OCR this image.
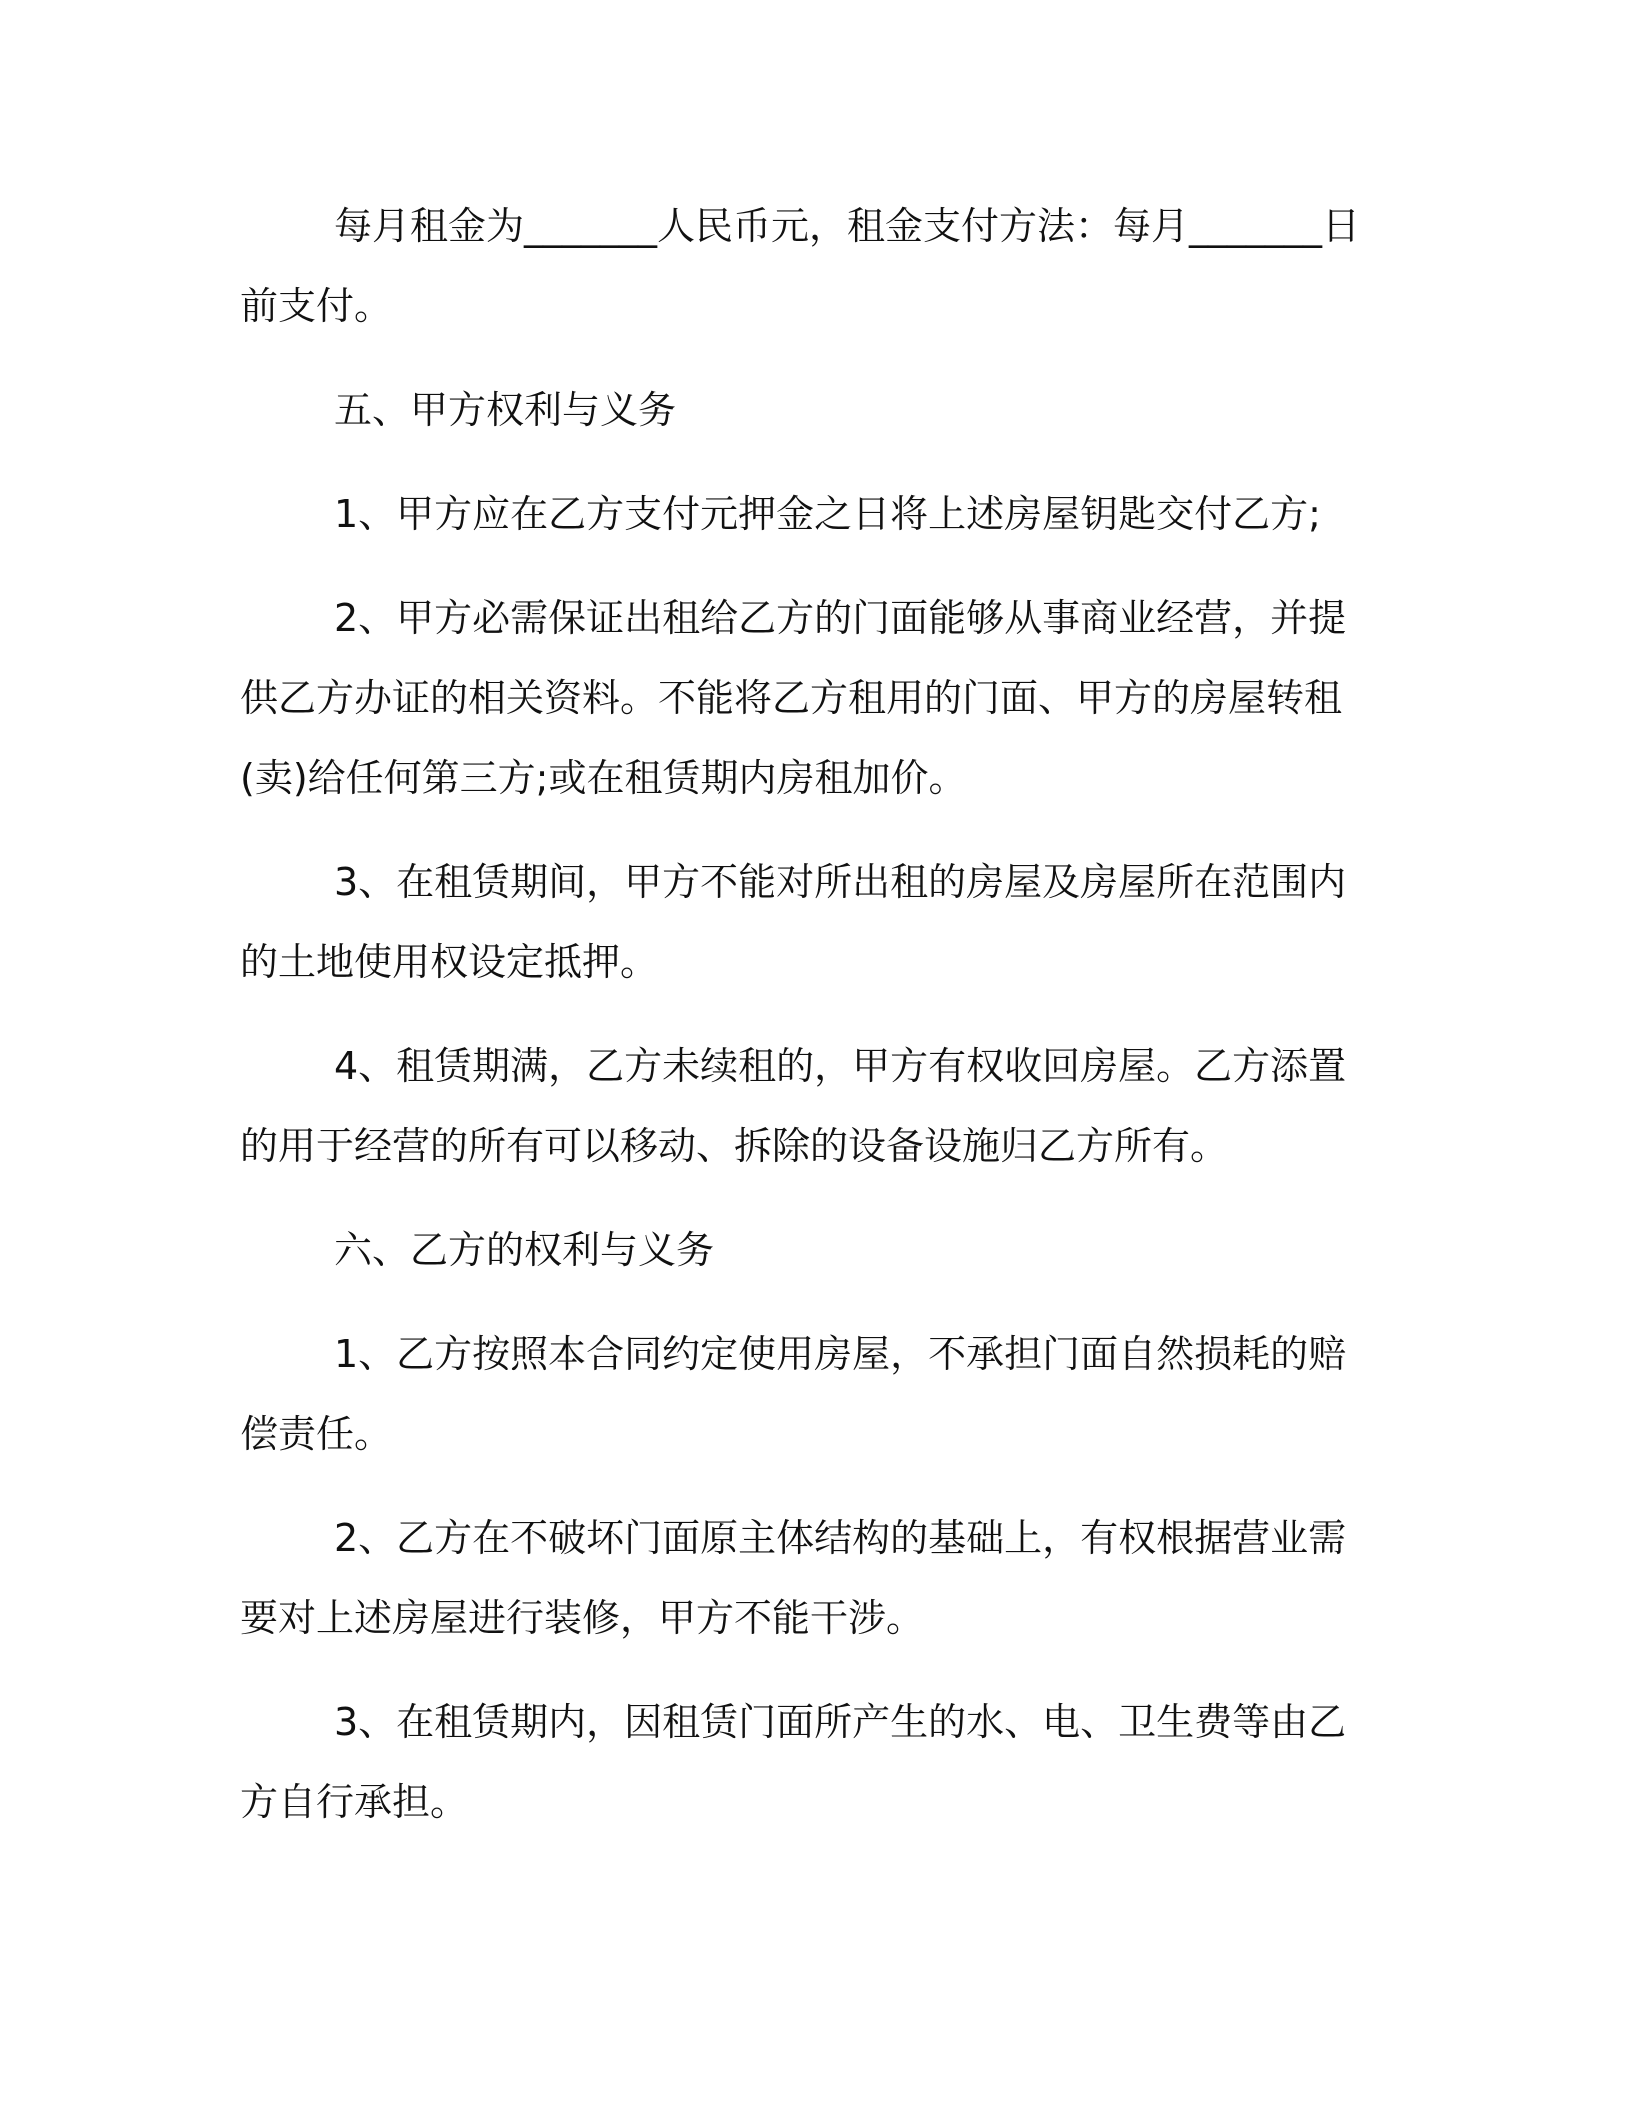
每月租金为_______人民币元，租金支付方法：每月_______日前支付。

五、甲方权利与义务

1、甲方应在乙方支付元押金之日将上述房屋钥匙交付乙方;

2、甲方必需保证出租给乙方的门面能够从事商业经营，并提供乙方办证的相关资料。不能将乙方租用的门面、甲方的房屋转租(卖)给任何第三方;或在租赁期内房租加价。

3、在租赁期间，甲方不能对所出租的房屋及房屋所在范围内的土地使用权设定抵押。

4、租赁期满，乙方未续租的，甲方有权收回房屋。乙方添置的用于经营的所有可以移动、拆除的设备设施归乙方所有。

六、乙方的权利与义务

1、乙方按照本合同约定使用房屋，不承担门面自然损耗的赔偿责任。

2、乙方在不破坏门面原主体结构的基础上，有权根据营业需要对上述房屋进行装修，甲方不能干涉。

3、在租赁期内，因租赁门面所产生的水、电、卫生费等由乙方自行承担。
